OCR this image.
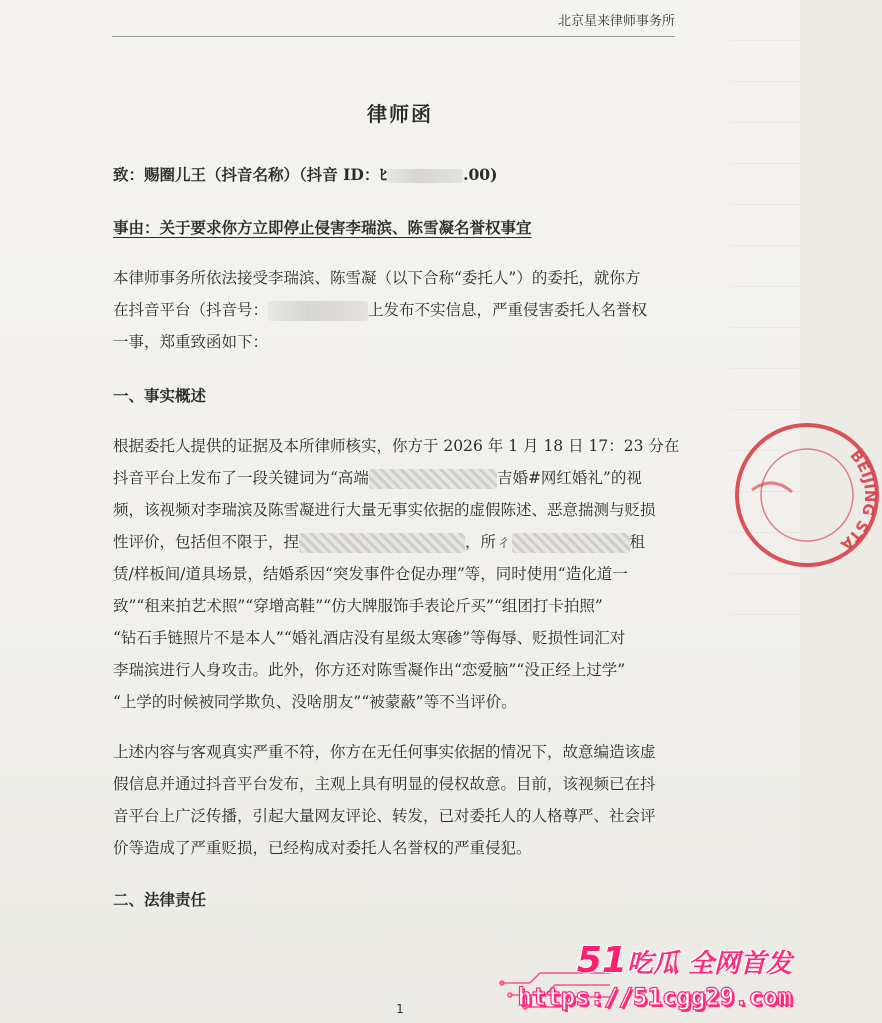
北京星来律师事务所
律师函
致：赐圈儿王（抖音名称）（抖音 ID：ﾋ	.00)
事由：关于要求你方立即停止侵害李瑞滨、陈雪凝名誉权事宜
本律师事务所依法接受李瑞滨、陈雪凝（以下合称“委托人”）的委托，就你方
在抖音平台（抖音号：	上发布不实信息，严重侵害委托人名誉权
一事，郑重致函如下：
一、事实概述
根据委托人提供的证据及本所律师核实，你方于 2026 年 1 月 18 日 17：23 分在
抖音平台上发布了一段关键词为“高端	吉婚#网红婚礼”的视
频，该视频对李瑞滨及陈雪凝进行大量无事实依据的虚假陈述、恶意揣测与贬损
性评价，包括但不限于，捏	，所ㄔ	租
赁/样板间/道具场景，结婚系因“突发事件仓促办理”等，同时使用“造化道一
致”“租来拍艺术照”“穿增高鞋”“仿大牌服饰手表论斤买”“组团打卡拍照”
“钻石手链照片不是本人”“婚礼酒店没有星级太寒碜”等侮辱、贬损性词汇对
李瑞滨进行人身攻击。此外，你方还对陈雪凝作出“恋爱脑”“没正经上过学”
“上学的时候被同学欺负、没啥朋友”“被蒙蔽”等不当评价。
上述内容与客观真实严重不符，你方在无任何事实依据的情况下，故意编造该虚
假信息并通过抖音平台发布，主观上具有明显的侵权故意。目前，该视频已在抖
音平台上广泛传播，引起大量网友评论、转发，已对委托人的人格尊严、社会评
价等造成了严重贬损，已经构成对委托人名誉权的严重侵犯。
二、法律责任
BEIJING STA
1
51吃瓜 全网首发
https://51cgg29.com
